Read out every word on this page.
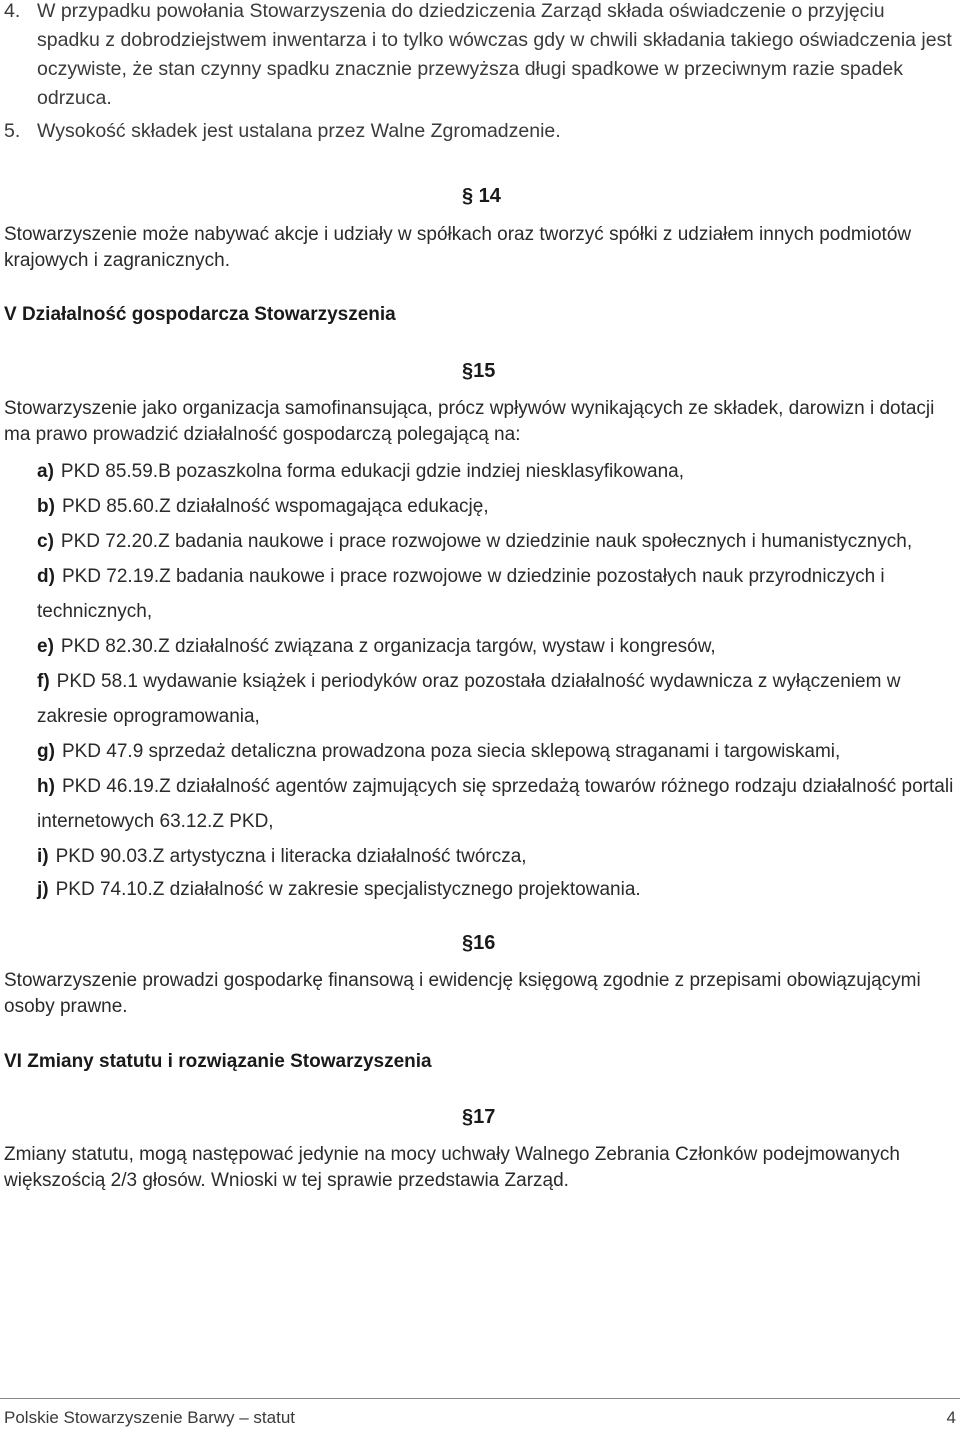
4. W przypadku powołania Stowarzyszenia do dziedziczenia Zarząd składa oświadczenie o przyjęciu spadku z dobrodziejstwem inwentarza i to tylko wówczas gdy w chwili składania takiego oświadczenia jest oczywiste, że stan czynny spadku znacznie przewyższa długi spadkowe w przeciwnym razie spadek odrzuca.
5. Wysokość składek jest ustalana przez Walne Zgromadzenie.
§ 14
Stowarzyszenie może nabywać akcje i udziały w spółkach oraz tworzyć spółki z udziałem innych podmiotów krajowych i zagranicznych.
V Działalność gospodarcza Stowarzyszenia
§15
Stowarzyszenie jako organizacja samofinansująca, prócz wpływów wynikających ze składek, darowizn i dotacji ma prawo prowadzić działalność gospodarczą polegającą na:
a) PKD 85.59.B pozaszkolna forma edukacji gdzie indziej niesklasyfikowana,
b) PKD 85.60.Z działalność wspomagająca edukację,
c) PKD 72.20.Z badania naukowe i prace rozwojowe w dziedzinie nauk społecznych i humanistycznych,
d) PKD 72.19.Z badania naukowe i prace rozwojowe w dziedzinie pozostałych nauk przyrodniczych i technicznych,
e) PKD 82.30.Z działalność związana z organizacja targów, wystaw i kongresów,
f) PKD 58.1 wydawanie książek i periodyków oraz pozostała działalność wydawnicza z wyłączeniem w zakresie oprogramowania,
g) PKD 47.9 sprzedaż detaliczna prowadzona poza siecia sklepową straganami i targowiskami,
h) PKD 46.19.Z działalność agentów zajmujących się sprzedażą towarów różnego rodzaju działalność portali internetowych 63.12.Z PKD,
i) PKD 90.03.Z artystyczna i literacka działalność twórcza,
j) PKD 74.10.Z działalność w zakresie specjalistycznego projektowania.
§16
Stowarzyszenie prowadzi gospodarkę finansową i ewidencję księgową zgodnie z przepisami obowiązującymi osoby prawne.
VI Zmiany statutu i rozwiązanie Stowarzyszenia
§17
Zmiany statutu, mogą następować jedynie na mocy uchwały Walnego Zebrania Członków podejmowanych większością 2/3 głosów. Wnioski w tej sprawie przedstawia Zarząd.
Polskie Stowarzyszenie Barwy – statut	4
